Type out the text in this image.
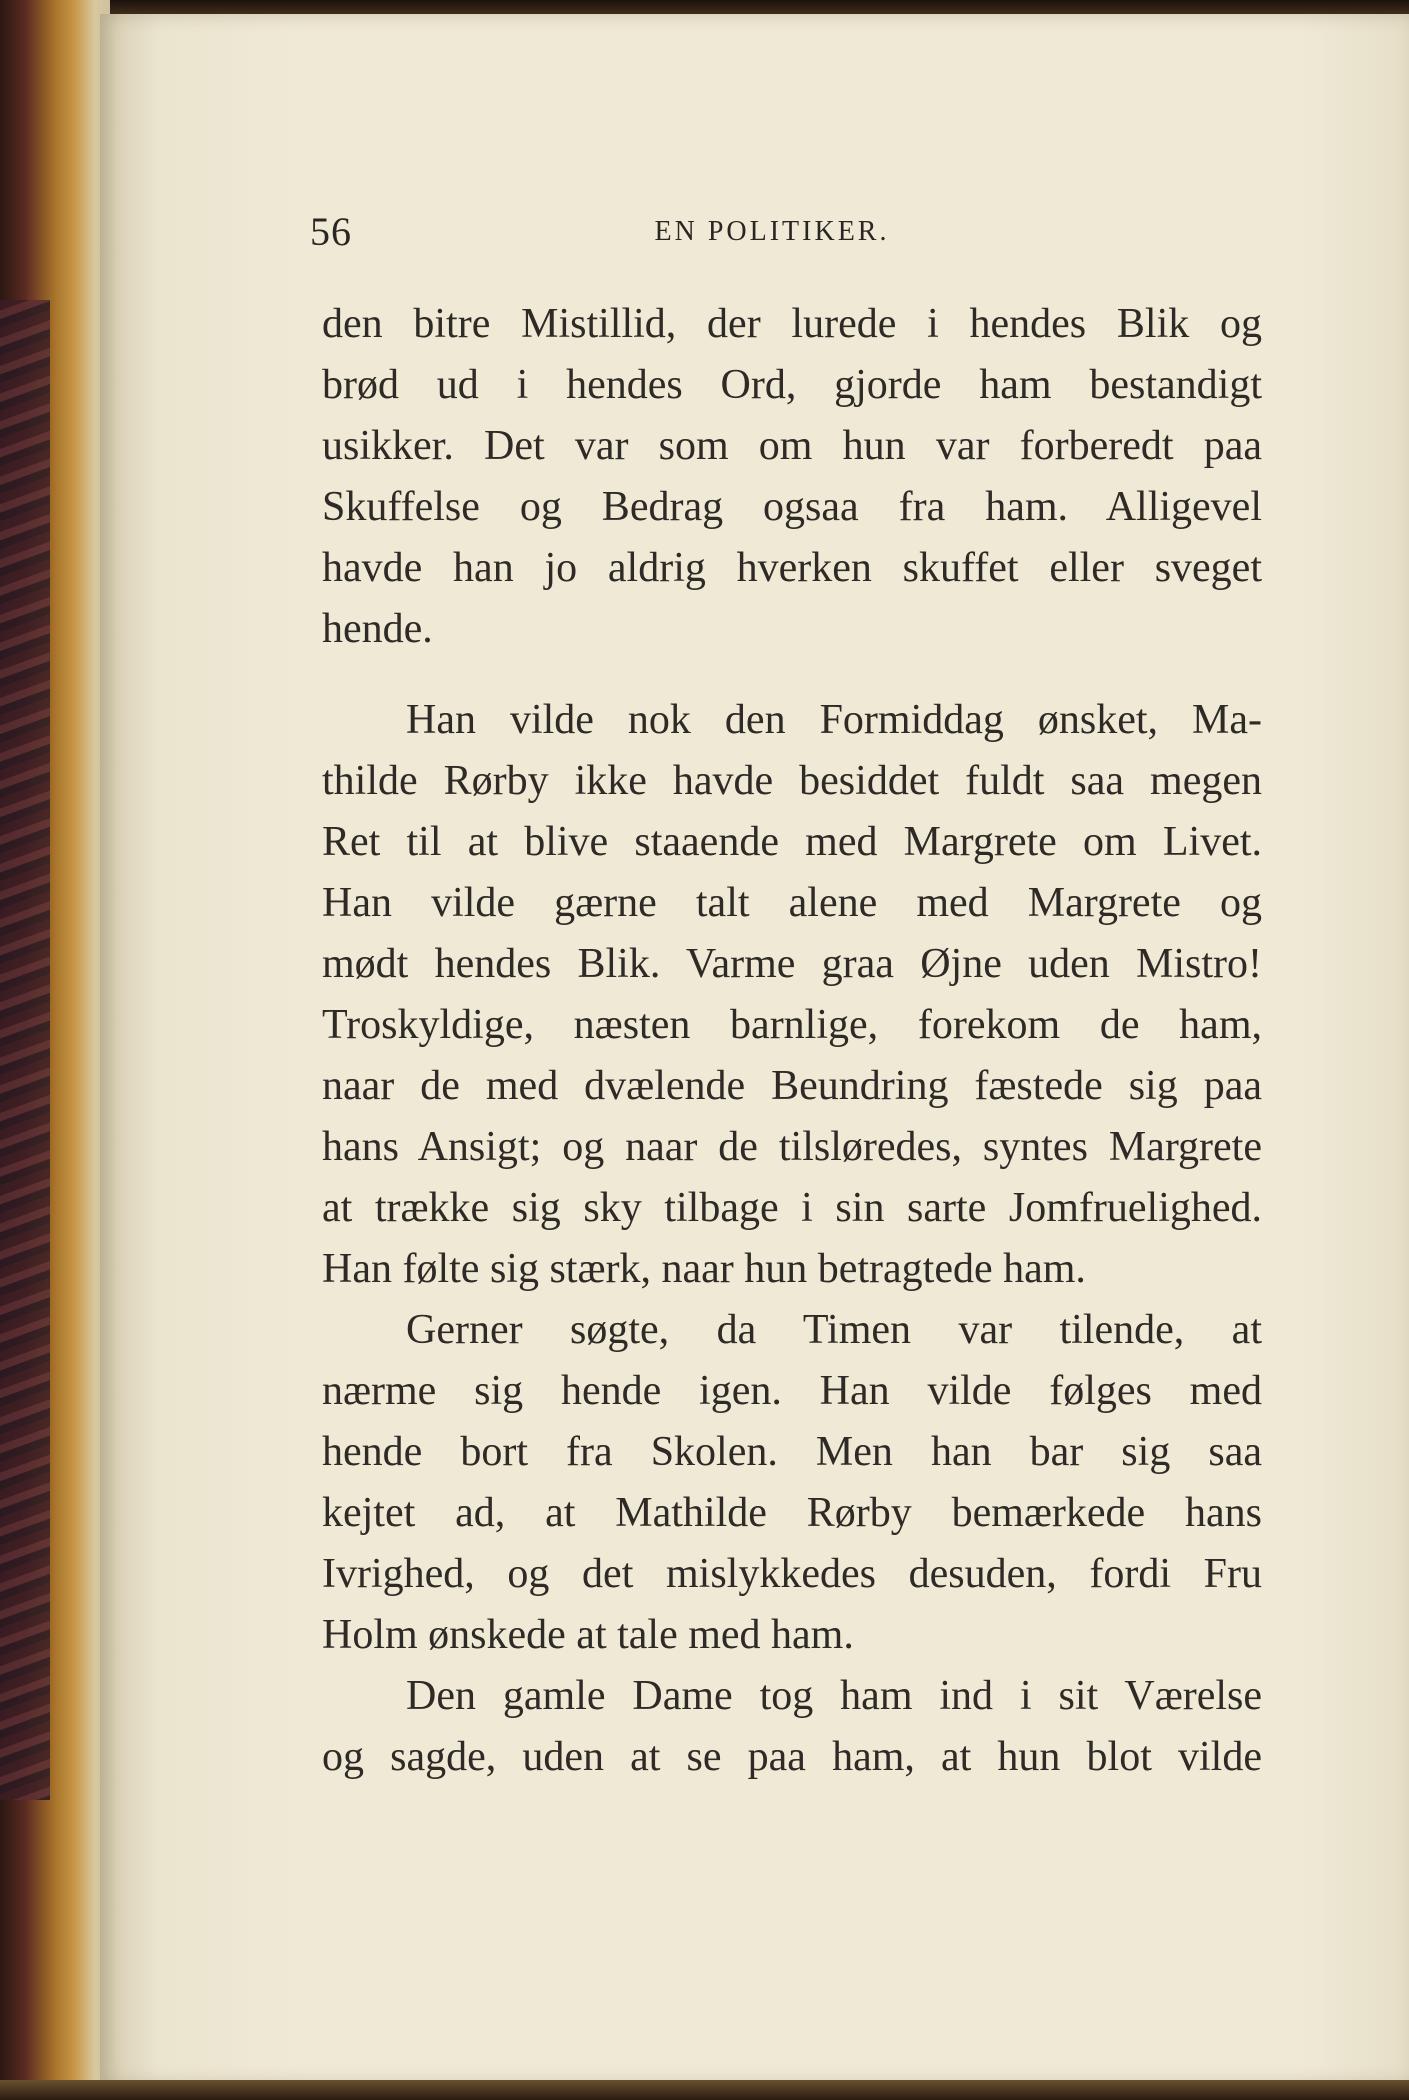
56	EN POLITIKER.
den bitre Mistillid, der lurede i hendes Blik og
brød ud i hendes Ord, gjorde ham bestandigt
usikker. Det var som om hun var forberedt paa
Skuffelse og Bedrag ogsaa fra ham. Alligevel
havde han jo aldrig hverken skuffet eller sveget
hende.
Han vilde nok den Formiddag ønsket, Ma-
thilde Rørby ikke havde besiddet fuldt saa megen
Ret til at blive staaende med Margrete om Livet.
Han vilde gærne talt alene med Margrete og
mødt hendes Blik. Varme graa Øjne uden Mistro!
Troskyldige, næsten barnlige, forekom de ham,
naar de med dvælende Beundring fæstede sig paa
hans Ansigt; og naar de tilsløredes, syntes Margrete
at trække sig sky tilbage i sin sarte Jomfruelighed.
Han følte sig stærk, naar hun betragtede ham.
Gerner søgte, da Timen var tilende, at
nærme sig hende igen. Han vilde følges med
hende bort fra Skolen. Men han bar sig saa
kejtet ad, at Mathilde Rørby bemærkede hans
Ivrighed, og det mislykkedes desuden, fordi Fru
Holm ønskede at tale med ham.
Den gamle Dame tog ham ind i sit Værelse
og sagde, uden at se paa ham, at hun blot vilde
